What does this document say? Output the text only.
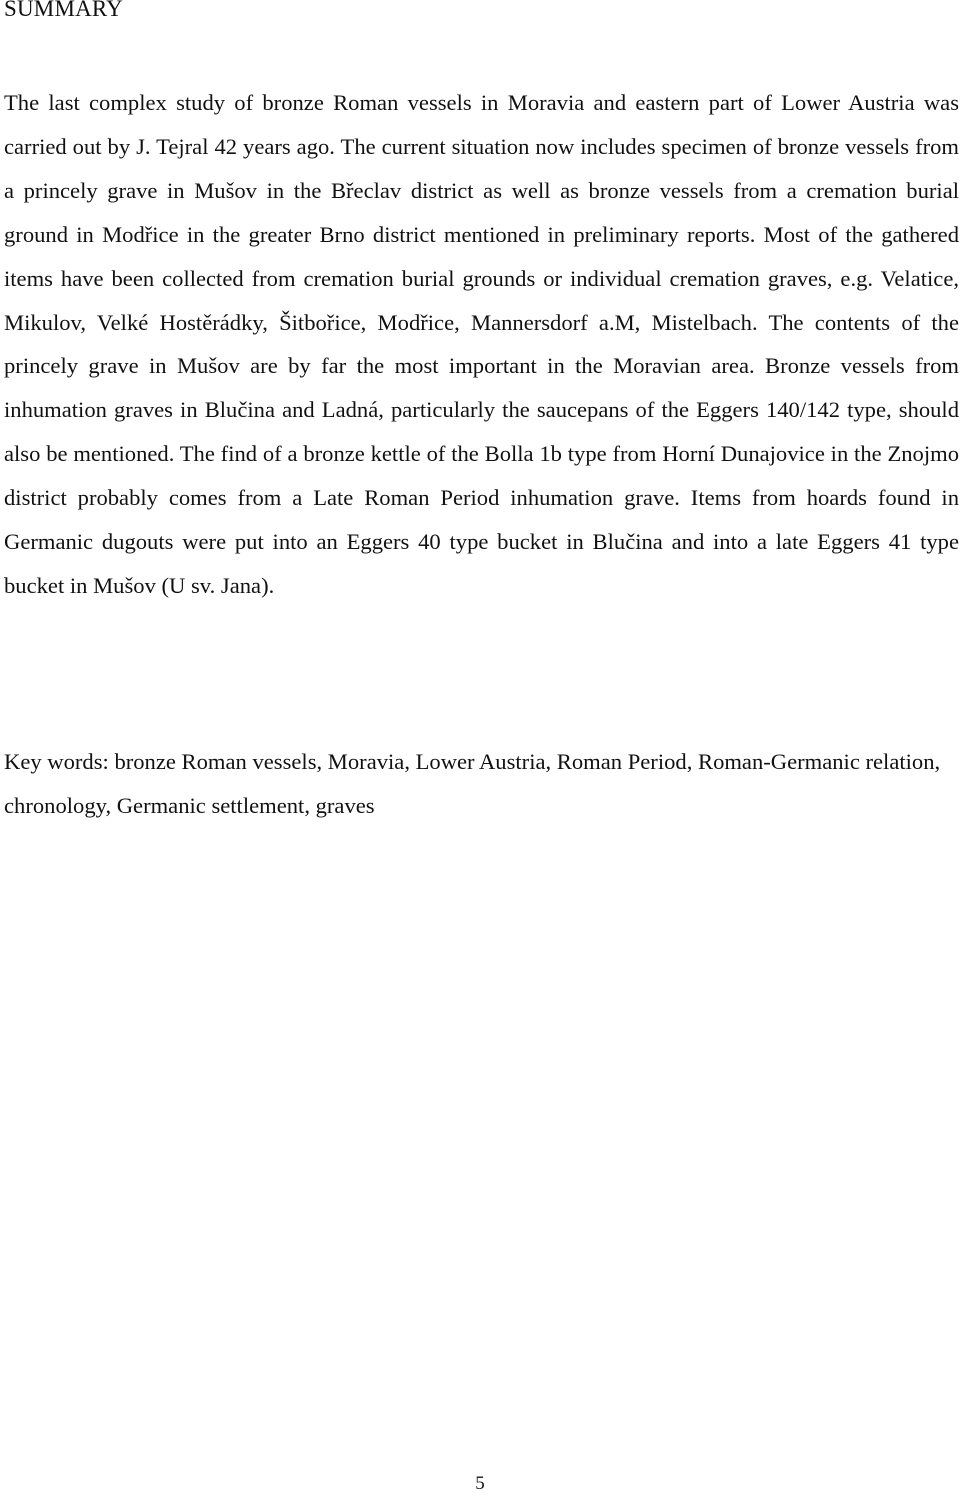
SUMMARY

The last complex study of bronze Roman vessels in Moravia and eastern part of Lower Austria was carried out by J. Tejral 42 years ago. The current situation now includes specimen of bronze vessels from a princely grave in Mušov in the Břeclav district as well as bronze vessels from a cremation burial ground in Modřice in the greater Brno district mentioned in preliminary reports. Most of the gathered items have been collected from cremation burial grounds or individual cremation graves, e.g. Velatice, Mikulov, Velké Hostěrádky, Šitbořice, Modřice, Mannersdorf a.M, Mistelbach. The contents of the princely grave in Mušov are by far the most important in the Moravian area. Bronze vessels from inhumation graves in Blučina and Ladná, particularly the saucepans of the Eggers 140/142 type, should also be mentioned. The find of a bronze kettle of the Bolla 1b type from Horní Dunajovice in the Znojmo district probably comes from a Late Roman Period inhumation grave. Items from hoards found in Germanic dugouts were put into an Eggers 40 type bucket in Blučina and into a late Eggers 41 type bucket in Mušov (U sv. Jana).

Key words: bronze Roman vessels, Moravia, Lower Austria, Roman Period, Roman-Germanic relation, chronology, Germanic settlement, graves

5
